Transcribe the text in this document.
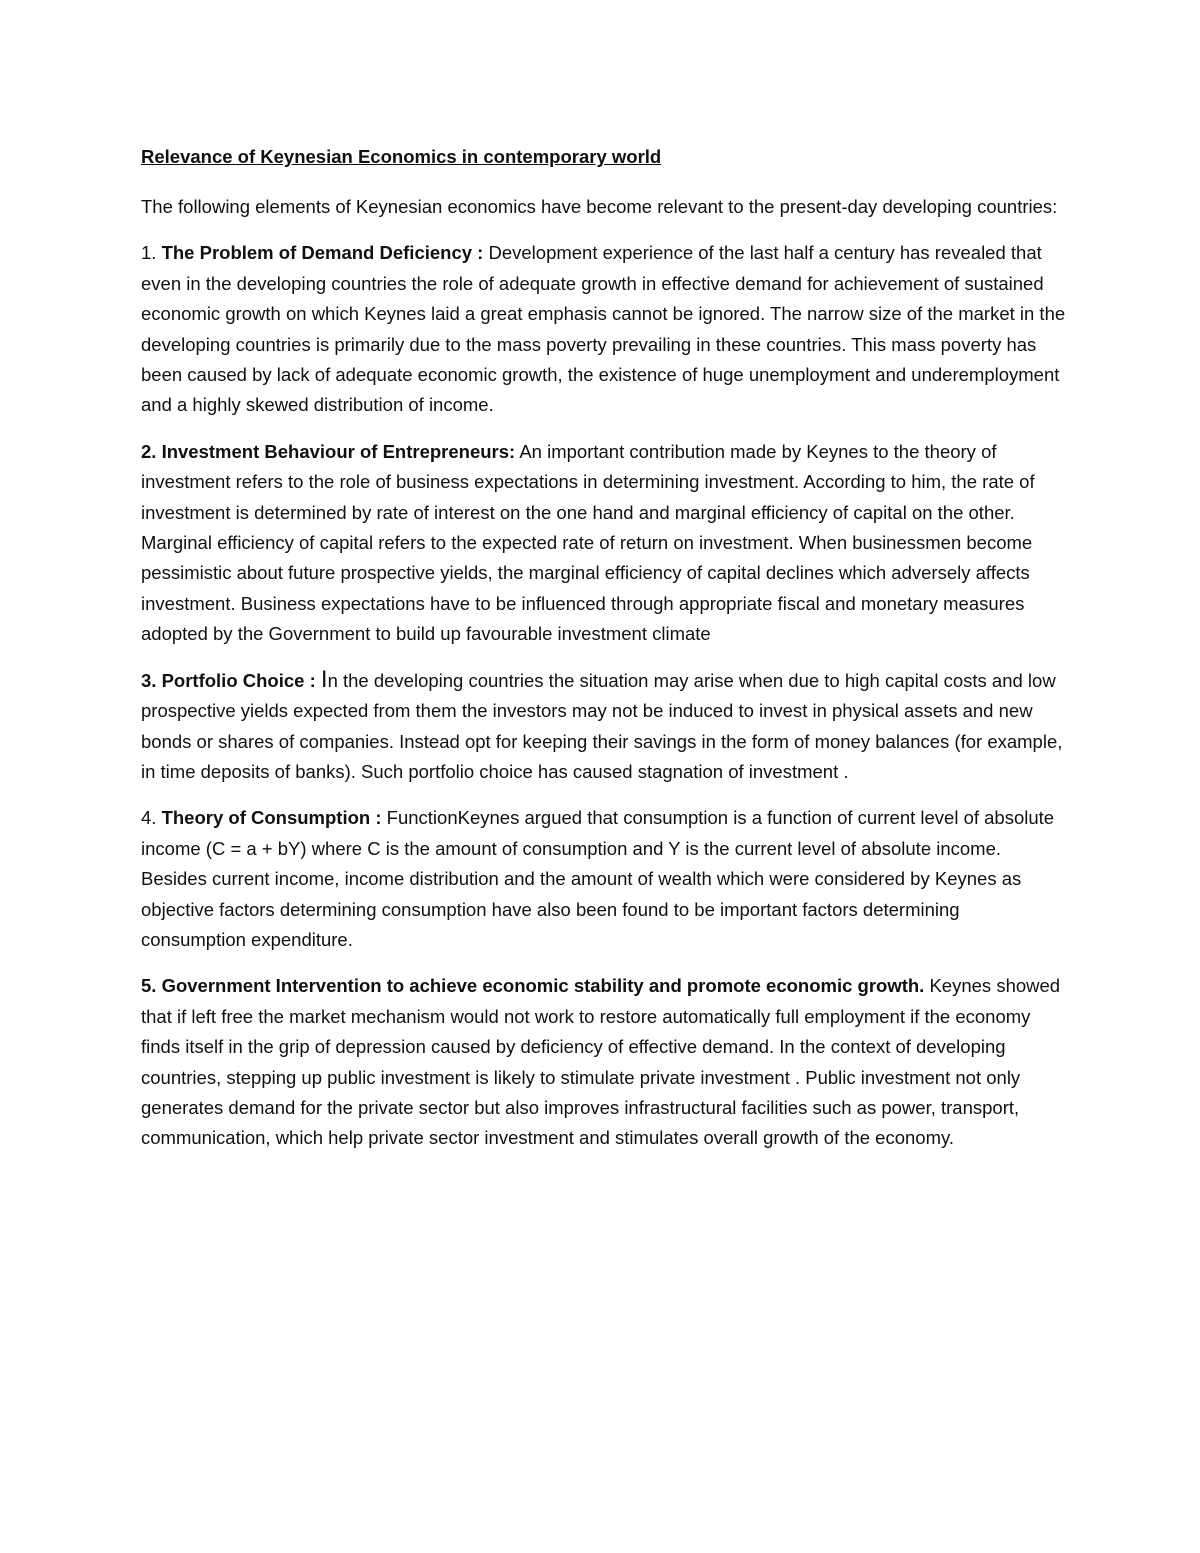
Relevance of Keynesian Economics in contemporary world

The following elements of Keynesian economics have become relevant to the present-day developing countries:

1. The Problem of Demand Deficiency : Development experience of the last half a century has revealed that even in the developing countries the role of adequate growth in effective demand for achievement of sustained economic growth on which Keynes laid a great emphasis cannot be ignored. The narrow size of the market in the developing countries is primarily due to the mass poverty prevailing in these countries. This mass poverty has been caused by lack of adequate economic growth, the existence of huge unemployment and underemployment and a highly skewed distribution of income.

2. Investment Behaviour of Entrepreneurs: An important contribution made by Keynes to the theory of investment refers to the role of business expectations in determining investment. According to him, the rate of investment is determined by rate of interest on the one hand and marginal efficiency of capital on the other. Marginal efficiency of capital refers to the expected rate of return on investment. When businessmen become pessimistic about future prospective yields, the marginal efficiency of capital declines which adversely affects investment. Business expectations have to be influenced through appropriate fiscal and monetary measures adopted by the Government to build up favourable investment climate

3. Portfolio Choice : In the developing countries the situation may arise when due to high capital costs and low prospective yields expected from them the investors may not be induced to invest in physical assets and new bonds or shares of companies. Instead opt for keeping their savings in the form of money balances (for example, in time deposits of banks). Such portfolio choice has caused stagnation of investment .

4. Theory of Consumption : FunctionKeynes argued that consumption is a function of current level of absolute income (C = a + bY) where C is the amount of consumption and Y is the current level of absolute income. Besides current income, income distribution and the amount of wealth which were considered by Keynes as objective factors determining consumption have also been found to be important factors determining consumption expenditure.

5. Government Intervention to achieve economic stability and promote economic growth. Keynes showed that if left free the market mechanism would not work to restore automatically full employment if the economy finds itself in the grip of depression caused by deficiency of effective demand. In the context of developing countries, stepping up public investment is likely to stimulate private investment . Public investment not only generates demand for the private sector but also improves infrastructural facilities such as power, transport, communication, which help private sector investment and stimulates overall growth of the economy.
